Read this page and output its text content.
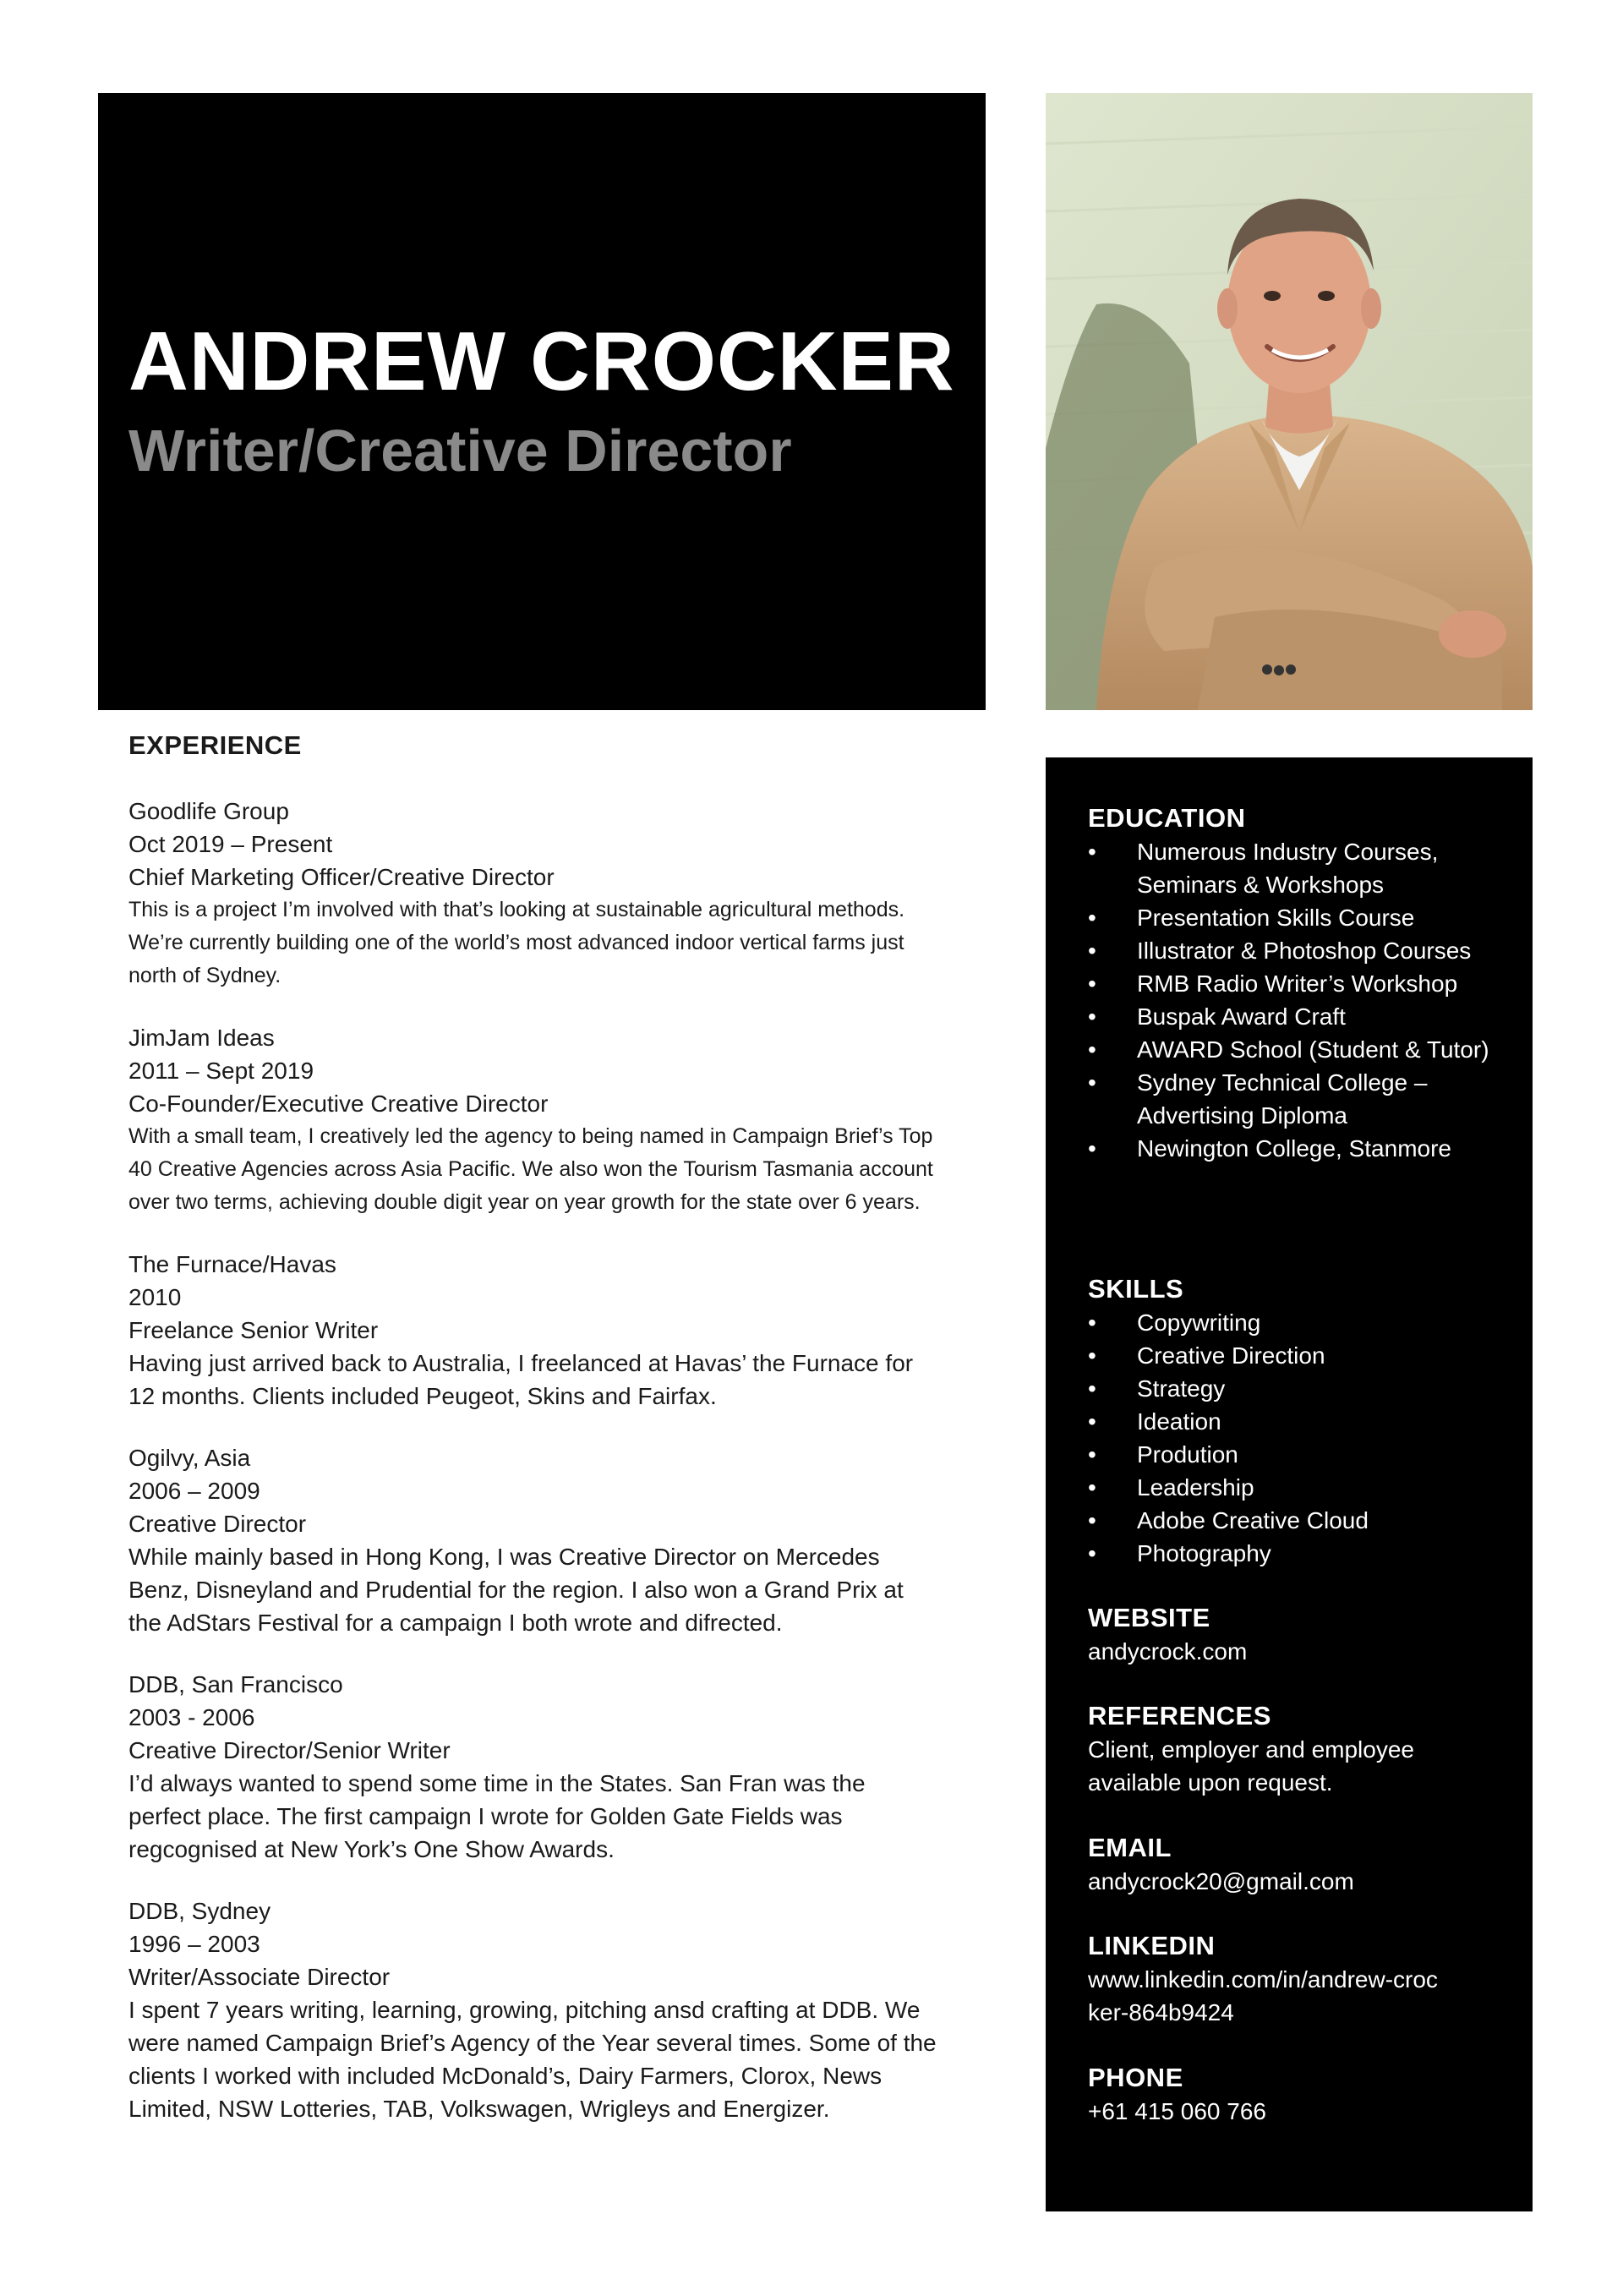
ANDREW CROCKER
Writer/Creative Director
EXPERIENCE
Goodlife Group
Oct 2019 – Present
Chief Marketing Officer/Creative Director
This is a project I’m involved with that’s looking at sustainable agricultural methods. We’re currently building one of the world’s most advanced indoor vertical farms just north of Sydney.
JimJam Ideas
2011 – Sept 2019
Co-Founder/Executive Creative Director
With a small team, I creatively led the agency to being named in Campaign Brief’s Top 40 Creative Agencies across Asia Pacific. We also won the Tourism Tasmania account over two terms, achieving double digit year on year growth for the state over 6 years.
The Furnace/Havas
2010
Freelance Senior Writer
Having just arrived back to Australia, I freelanced at Havas’ the Furnace for 12 months. Clients included Peugeot, Skins and Fairfax.
Ogilvy, Asia
2006 – 2009
Creative Director
While mainly based in Hong Kong, I was Creative Director on Mercedes Benz, Disneyland and Prudential for the region. I also won a Grand Prix at the AdStars Festival for a campaign I both wrote and difrected.
DDB, San Francisco
2003 - 2006
Creative Director/Senior Writer
I’d always wanted to spend some time in the States. San Fran was the perfect place. The first campaign I wrote for Golden Gate Fields was regcognised at New York’s One Show Awards.
DDB, Sydney
1996 – 2003
Writer/Associate Director
I spent 7 years writing, learning, growing, pitching ansd crafting at DDB. We were named Campaign Brief’s Agency of the Year several times. Some of the clients I worked with included McDonald’s, Dairy Farmers, Clorox, News Limited, NSW Lotteries, TAB, Volkswagen, Wrigleys and Energizer.
EDUCATION
• Numerous Industry Courses, Seminars & Workshops
• Presentation Skills Course
• Illustrator & Photoshop Courses
• RMB Radio Writer’s Workshop
• Buspak Award Craft
• AWARD School (Student & Tutor)
• Sydney Technical College – Advertising Diploma
• Newington College, Stanmore
SKILLS
• Copywriting
• Creative Direction
• Strategy
• Ideation
• Prodution
• Leadership
• Adobe Creative Cloud
• Photography
WEBSITE
andycrock.com
REFERENCES
Client, employer and employee available upon request.
EMAIL
andycrock20@gmail.com
LINKEDIN
www.linkedin.com/in/andrew-crocker-864b9424
PHONE
+61 415 060 766
